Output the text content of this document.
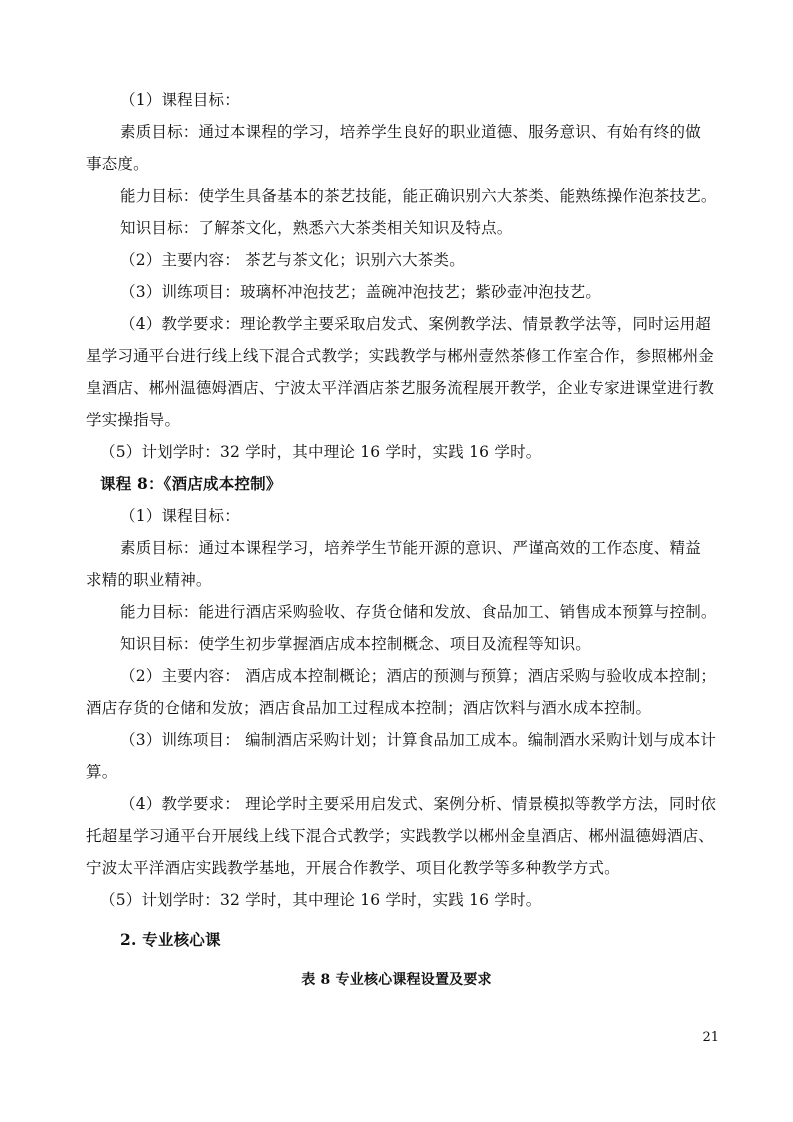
（1）课程目标：
素质目标：通过本课程的学习，培养学生良好的职业道德、服务意识、有始有终的做
事态度。
能力目标：使学生具备基本的茶艺技能，能正确识别六大茶类、能熟练操作泡茶技艺。
知识目标：了解茶文化，熟悉六大茶类相关知识及特点。
（2）主要内容： 茶艺与茶文化；识别六大茶类。
（3）训练项目：玻璃杯冲泡技艺；盖碗冲泡技艺；紫砂壶冲泡技艺。
（4）教学要求：理论教学主要采取启发式、案例教学法、情景教学法等，同时运用超
星学习通平台进行线上线下混合式教学；实践教学与郴州壹然茶修工作室合作，参照郴州金
皇酒店、郴州温德姆酒店、宁波太平洋酒店茶艺服务流程展开教学，企业专家进课堂进行教
学实操指导。
（5）计划学时：32 学时，其中理论 16 学时，实践 16 学时。
课程 8：《酒店成本控制》
（1）课程目标：
素质目标：通过本课程学习，培养学生节能开源的意识、严谨高效的工作态度、精益
求精的职业精神。
能力目标：能进行酒店采购验收、存货仓储和发放、食品加工、销售成本预算与控制。
知识目标：使学生初步掌握酒店成本控制概念、项目及流程等知识。
（2）主要内容： 酒店成本控制概论；酒店的预测与预算；酒店采购与验收成本控制；
酒店存货的仓储和发放；酒店食品加工过程成本控制；酒店饮料与酒水成本控制。
（3）训练项目： 编制酒店采购计划；计算食品加工成本。编制酒水采购计划与成本计
算。
（4）教学要求： 理论学时主要采用启发式、案例分析、情景模拟等教学方法，同时依
托超星学习通平台开展线上线下混合式教学；实践教学以郴州金皇酒店、郴州温德姆酒店、
宁波太平洋酒店实践教学基地，开展合作教学、项目化教学等多种教学方式。
（5）计划学时：32 学时，其中理论 16 学时，实践 16 学时。
2. 专业核心课
表 8 专业核心课程设置及要求
21
